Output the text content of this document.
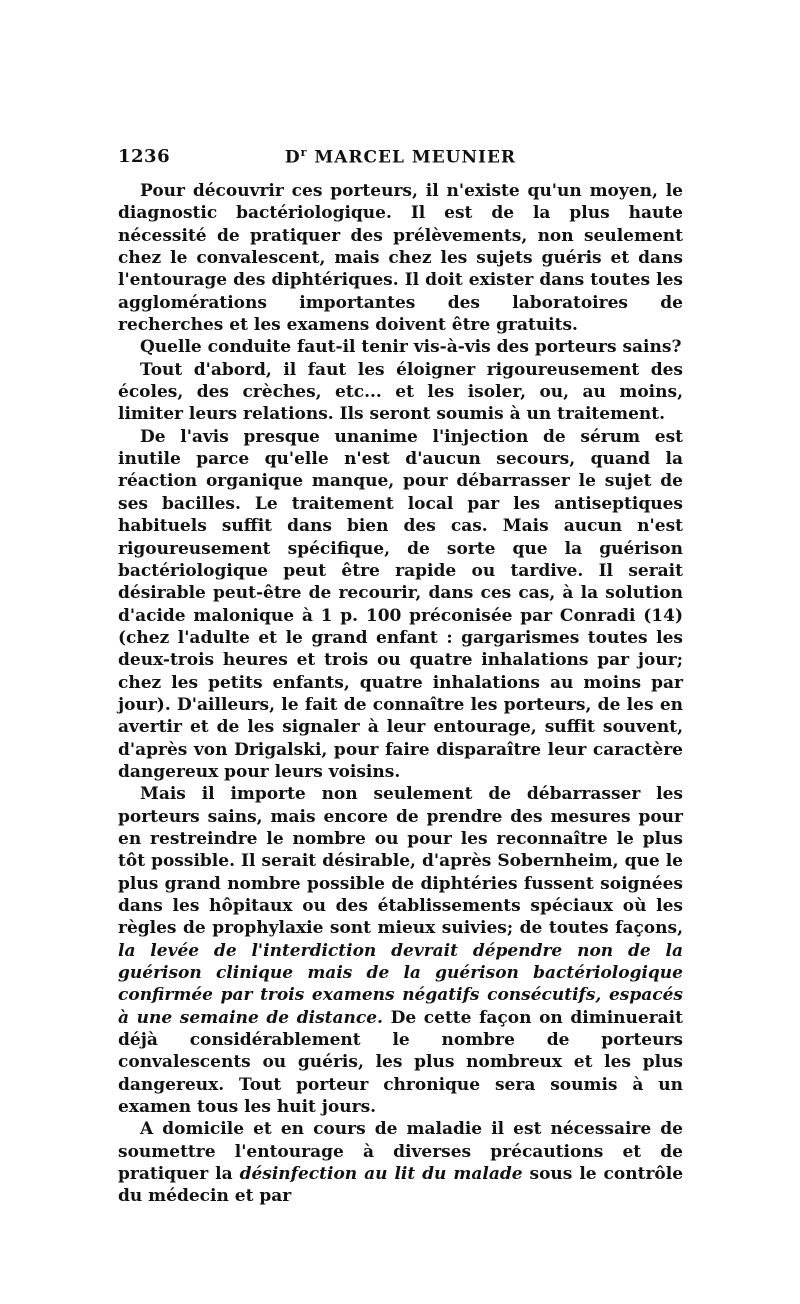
1236	$D^r$ MARCEL MEUNIER

Pour découvrir ces porteurs, il n'existe qu'un moyen, le diagnostic bactériologique. Il est de la plus haute nécessité de pratiquer des prélèvements, non seulement chez le convalescent, mais chez les sujets guéris et dans l'entourage des diphtériques. Il doit exister dans toutes les agglomérations importantes des laboratoires de recherches et les examens doivent être gratuits.

Quelle conduite faut-il tenir vis-à-vis des porteurs sains?

Tout d'abord, il faut les éloigner rigoureusement des écoles, des crèches, etc... et les isoler, ou, au moins, limiter leurs relations. Ils seront soumis à un traitement.

De l'avis presque unanime l'injection de sérum est inutile parce qu'elle n'est d'aucun secours, quand la réaction organique manque, pour débarrasser le sujet de ses bacilles. Le traitement local par les antiseptiques habituels suffit dans bien des cas. Mais aucun n'est rigoureusement spécifique, de sorte que la guérison bactériologique peut être rapide ou tardive. Il serait désirable peut-être de recourir, dans ces cas, à la solution d'acide malonique à 1 p. 100 préconisée par Conradi (14) (chez l'adulte et le grand enfant : gargarismes toutes les deux-trois heures et trois ou quatre inhalations par jour; chez les petits enfants, quatre inhalations au moins par jour). D'ailleurs, le fait de connaître les porteurs, de les en avertir et de les signaler à leur entourage, suffit souvent, d'après von Drigalski, pour faire disparaître leur caractère dangereux pour leurs voisins.

Mais il importe non seulement de débarrasser les porteurs sains, mais encore de prendre des mesures pour en restreindre le nombre ou pour les reconnaître le plus tôt possible. Il serait désirable, d'après Sobernheim, que le plus grand nombre possible de diphtéries fussent soignées dans les hôpitaux ou des établissements spéciaux où les règles de prophylaxie sont mieux suivies; de toutes façons, la levée de l'interdiction devrait dépendre non de la guérison clinique mais de la guérison bactériologique confirmée par trois examens négatifs consécutifs, espacés à une semaine de distance. De cette façon on diminuerait déjà considérablement le nombre de porteurs convalescents ou guéris, les plus nombreux et les plus dangereux. Tout porteur chronique sera soumis à un examen tous les huit jours.

A domicile et en cours de maladie il est nécessaire de soumettre l'entourage à diverses précautions et de pratiquer la désinfection au lit du malade sous le contrôle du médecin et par
